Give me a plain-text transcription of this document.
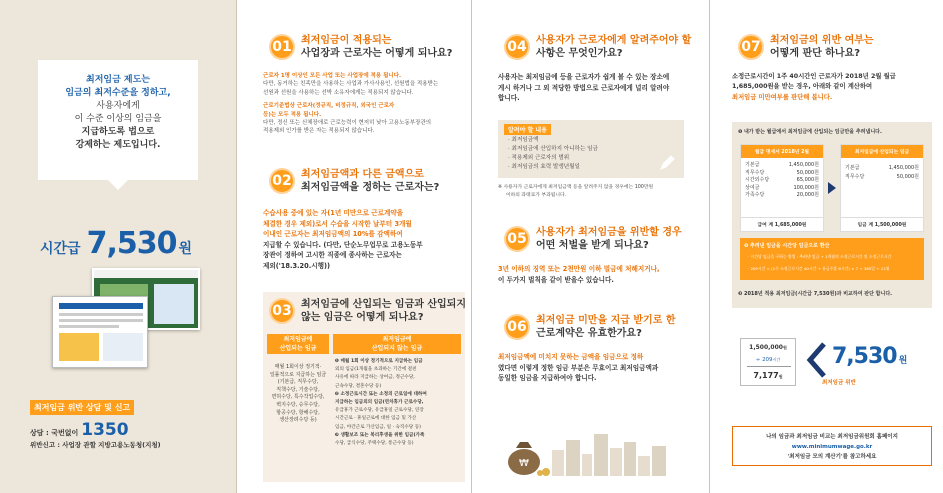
최저임금 제도는
임금의 최저수준을 정하고,
사용자에게
이 수준 이상의 임금을
지급하도록 법으로
강제하는 제도입니다.
시간급 7,530 원
최저임금 위반 상담 및 신고
상담 : 국번없이 1350
위반신고 : 사업장 관할 지방고용노동청(지청)
01 최저임금이 적용되는
사업장과 근로자는 어떻게 되나요?
근로자 1명 이상인 모든 사업 또는 사업장에 적용 됩니다.
다만, 동거하는 친족만을 사용하는 사업과 가사사용인, 선원법을 적용받는
선원과 선원을 사용하는 선박 소유자에게는 적용되지 않습니다.
근로기준법상 근로자(정규직, 비정규직, 외국인 근로자
등)는 모두 적용 됩니다.
다만, 정신 또는 신체장애로 근로능력이 현저히 낮아 고용노동부장관의
적용제외 인가를 받은 자는 적용되지 않습니다.
02 최저임금액과 다른 금액으로
최저임금액을 정하는 근로자는?
수습사용 중에 있는 자(1년 미만으로 근로계약을
체결한 경우 제외)로서 수습을 시작한 날부터 3개월
이내인 근로자는 최저임금액의 10%를 감액하여
지급할 수 있습니다. (다만, 단순노무업무로 고용노동부
장관이 정하여 고시한 직종에 종사하는 근로자는
제외('18.3.20.시행))
03 최저임금에 산입되는 임금과 산입되지
않는 임금은 어떻게 되나요?
최저임금에
산입되는 임금
최저임금에
산입되지 않는 임금
매월 1회이상 정기적·
일률적으로 지급하는 임금
(기본급, 직무수당,
직책수당, 기술수당,
면허수당, 특수작업수당,
벽지수당, 승무수당,
항공수당, 항해수당,
생산장려수당 등)
❶ 매월 1회 이상 정기적으로 지급하는 임금
외의 임금(1개월을 초과하는 기간에 걸친
사유에 따라 지급하는 상여금, 정근수당,
근속수당, 결혼수당 등)
❷ 소정근로시간 또는 소정의 근로일에 대하여
지급하는 임금외의 임금(연차휴가 근로수당,
유급휴가 근로수당, 유급휴일 근로수당, 연장
시간근로 · 휴일근로에 대한 임금 및 가산
임금, 야간근로 가산임금, 일 · 숙직수당 등)
❸ 생활보조 또는 복리후생을 위한 임금(가족
수당, 급식수당, 주택수당, 통근수당 등)
04 사용자가 근로자에게 알려주어야 할
사항은 무엇인가요?
사용자는 최저임금에 등을 근로자가 쉽게 볼 수 있는 장소에
게시 하거나 그 외 적당한 방법으로 근로자에게 널리 알려야
합니다.
알려야 할 내용
· 최저임금액
· 최저임금에 산입하지 아니하는 임금
· 적용제외 근로자의 범위
· 최저임금의 효력 발생년월일
※ 사용자가 근로자에게 최저임금액 등을 알려주지 않을 경우에는 100만원
이하의 과태료가 부과됩니다.
05 사용자가 최저임금을 위반할 경우
어떤 처벌을 받게 되나요?
3년 이하의 징역 또는 2천만원 이하 벌금에 처해지거나,
이 두가지 벌칙을 같이 받을수 있습니다.
06 최저임금 미만을 지급 받기로 한
근로계약은 유효한가요?
최저임금액에 미치지 못하는 금액을 임금으로 정하
였다면 이렇게 정한 임금 부분은 무효이고 최저임금액과
동일한 임금을 지급하여야 합니다.
₩
07 최저임금의 위반 여부는
어떻게 판단 하나요?
소정근로시간이 1주 40시간인 근로자가 2018년 2월 월급
1,685,000원을 받는 경우, 아래와 같이 계산하여
최저임금 미만여부를 판단해 봅니다.
❶ 내가 받는 월급에서 최저임금에 산입되는 임금만을 추려냅니다.
월급 명세서 2018년 2월
기본급	1,450,000원
직무수당	50,000원
시간외수당	65,000원
상여금	100,000원
가족수당	20,000원
급여 계 1,685,000원
최저임금에 산입되는 임금
기본급	1,450,000원
직무수당	50,000원
임금 계 1,500,000원
❷ 추려낸 임금을 시간당 임금으로 환산
· 시간당 임금을 구하는 방법 : 추려낸 임금 ÷ 1개월의 소정근로시간 및 소정근로시간
· 209시간 = (1주 소정근로시간 40시간 + 유급주휴 8시간) × 7 ÷ 365일 ÷ 12월
❸ 2018년 적용 최저임금(시간급 7,530원)과 비교하여 판단 합니다.
1,500,000원
÷ 209시간
7,177원
7,530 원
최저임금 위반
나의 임금과 최저임금 비교는 최저임금위원회 홈페이지
www.minimumwage.go.kr
'최저임금 모의 계산기'를 참고하세요
